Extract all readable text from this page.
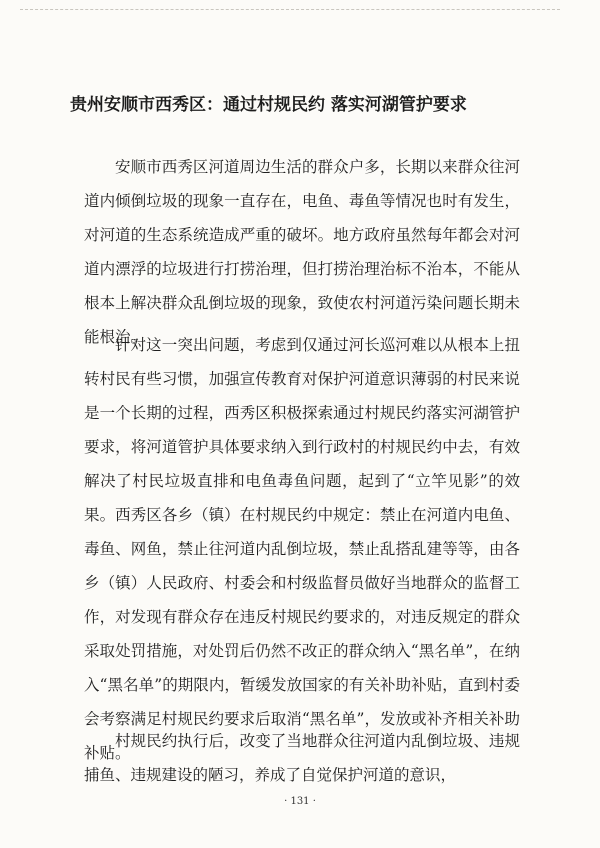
贵州安顺市西秀区：通过村规民约 落实河湖管护要求

安顺市西秀区河道周边生活的群众户多，长期以来群众往河道内倾倒垃圾的现象一直存在，电鱼、毒鱼等情况也时有发生，对河道的生态系统造成严重的破坏。地方政府虽然每年都会对河道内漂浮的垃圾进行打捞治理，但打捞治理治标不治本，不能从根本上解决群众乱倒垃圾的现象，致使农村河道污染问题长期未能根治。

针对这一突出问题，考虑到仅通过河长巡河难以从根本上扭转村民有些习惯，加强宣传教育对保护河道意识薄弱的村民来说是一个长期的过程，西秀区积极探索通过村规民约落实河湖管护要求，将河道管护具体要求纳入到行政村的村规民约中去，有效解决了村民垃圾直排和电鱼毒鱼问题，起到了“立竿见影”的效果。西秀区各乡（镇）在村规民约中规定：禁止在河道内电鱼、毒鱼、网鱼，禁止往河道内乱倒垃圾，禁止乱搭乱建等等，由各乡（镇）人民政府、村委会和村级监督员做好当地群众的监督工作，对发现有群众存在违反村规民约要求的，对违反规定的群众采取处罚措施，对处罚后仍然不改正的群众纳入“黑名单”，在纳入“黑名单”的期限内，暂缓发放国家的有关补助补贴，直到村委会考察满足村规民约要求后取消“黑名单”，发放或补齐相关补助补贴。

村规民约执行后，改变了当地群众往河道内乱倒垃圾、违规捕鱼、违规建设的陋习，养成了自觉保护河道的意识，

· 131 ·
